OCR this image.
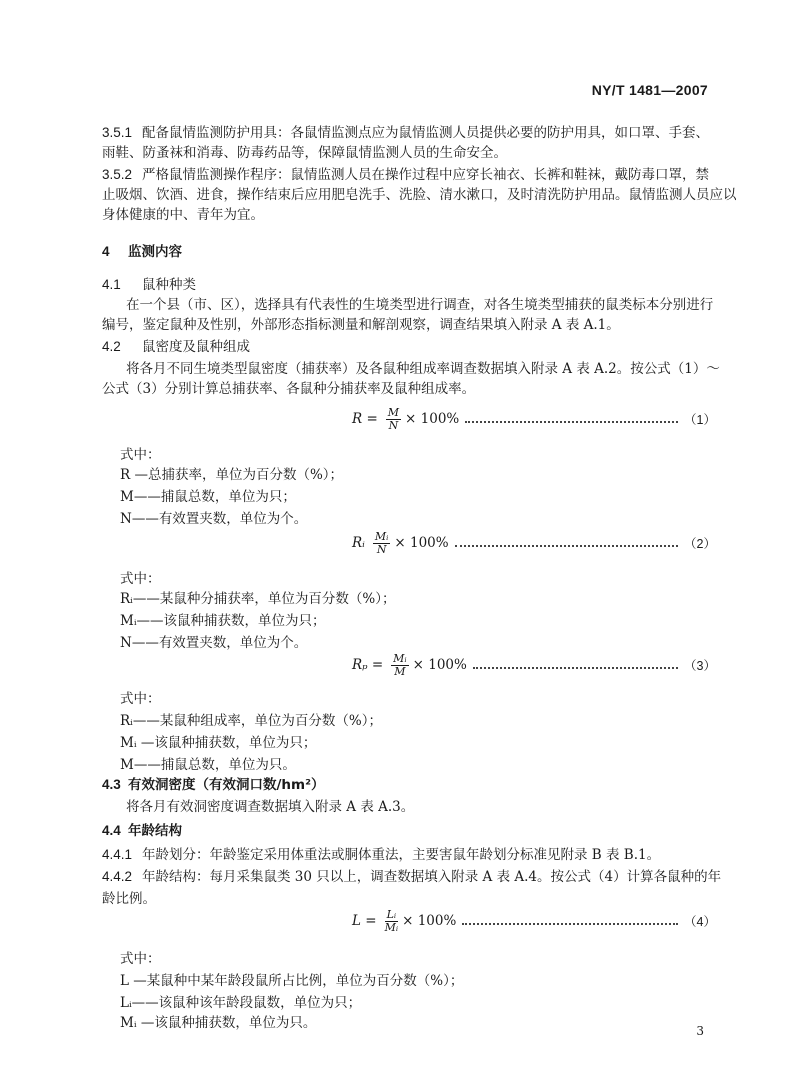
NY/T 1481—2007
3.5.1 配备鼠情监测防护用具：各鼠情监测点应为鼠情监测人员提供必要的防护用具，如口罩、手套、
雨鞋、防蚤袜和消毒、防毒药品等，保障鼠情监测人员的生命安全。
3.5.2 严格鼠情监测操作程序：鼠情监测人员在操作过程中应穿长袖衣、长裤和鞋袜，戴防毒口罩，禁
止吸烟、饮酒、进食，操作结束后应用肥皂洗手、洗脸、清水漱口，及时清洗防护用品。鼠情监测人员应以
身体健康的中、青年为宜。
4 监测内容
4.1 鼠种种类
在一个县（市、区），选择具有代表性的生境类型进行调查，对各生境类型捕获的鼠类标本分别进行
编号，鉴定鼠种及性别，外部形态指标测量和解剖观察，调查结果填入附录 A 表 A.1。
4.2 鼠密度及鼠种组成
将各月不同生境类型鼠密度（捕获率）及各鼠种组成率调查数据填入附录 A 表 A.2。按公式（1）～
公式（3）分别计算总捕获率、各鼠种分捕获率及鼠种组成率。
$R = \frac{M}{N} \times 100\%$	（1）
式中：
R —总捕获率，单位为百分数（%）；
M——捕鼠总数，单位为只；
N——有效置夹数，单位为个。
Rᵢ $\frac{\text{Mᵢ}}{N} \times 100\%$	（2）
式中：
Rᵢ——某鼠种分捕获率，单位为百分数（%）；
Mᵢ——该鼠种捕获数，单位为只；
N——有效置夹数，单位为个。
$R_p = \frac{\text{Mᵢ}}{M} \times 100\%$	（3）
式中：
Rᵢ——某鼠种组成率，单位为百分数（%）；
Mᵢ —该鼠种捕获数，单位为只；
M——捕鼠总数，单位为只。
4.3 有效洞密度（有效洞口数/hm²）
将各月有效洞密度调查数据填入附录 A 表 A.3。
4.4 年龄结构
4.4.1 年龄划分：年龄鉴定采用体重法或胴体重法，主要害鼠年龄划分标准见附录 B 表 B.1。
4.4.2 年龄结构：每月采集鼠类 30 只以上，调查数据填入附录 A 表 A.4。按公式（4）计算各鼠种的年
龄比例。
$L = \frac{\text{Lᵢ}}{\text{Mᵢ}} \times 100\%$	（4）
式中：
L —某鼠种中某年龄段鼠所占比例，单位为百分数（%）；
Lᵢ——该鼠种该年龄段鼠数，单位为只；
Mᵢ —该鼠种捕获数，单位为只。	3
